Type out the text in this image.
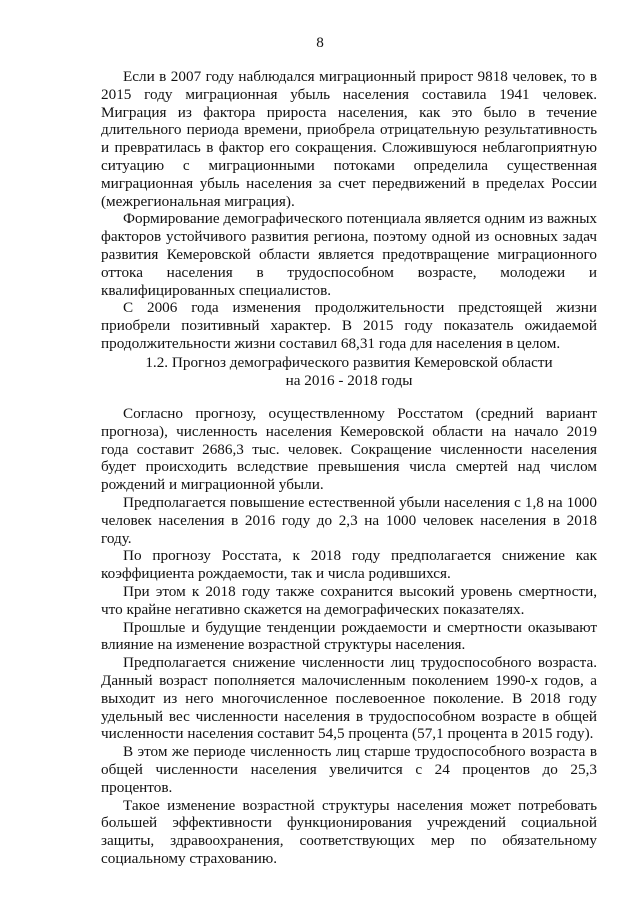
8

Если в 2007 году наблюдался миграционный прирост 9818 человек, то в 2015 году миграционная убыль населения составила 1941 человек. Миграция из фактора прироста населения, как это было в течение длительного периода времени, приобрела отрицательную результативность и превратилась в фактор его сокращения. Сложившуюся неблагоприятную ситуацию с миграционными потоками определила существенная миграционная убыль населения за счет передвижений в пределах России (межрегиональная миграция).

Формирование демографического потенциала является одним из важных факторов устойчивого развития региона, поэтому одной из основных задач развития Кемеровской области является предотвращение миграционного оттока населения в трудоспособном возрасте, молодежи и квалифицированных специалистов.

С 2006 года изменения продолжительности предстоящей жизни приобрели позитивный характер. В 2015 году показатель ожидаемой продолжительности жизни составил 68,31 года для населения в целом.

1.2. Прогноз демографического развития Кемеровской области
на 2016 - 2018 годы

Согласно прогнозу, осуществленному Росстатом (средний вариант прогноза), численность населения Кемеровской области на начало 2019 года составит 2686,3 тыс. человек. Сокращение численности населения будет происходить вследствие превышения числа смертей над числом рождений и миграционной убыли.

Предполагается повышение естественной убыли населения с 1,8 на 1000 человек населения в 2016 году до 2,3 на 1000 человек населения в 2018 году.

По прогнозу Росстата, к 2018 году предполагается снижение как коэффициента рождаемости, так и числа родившихся.

При этом к 2018 году также сохранится высокий уровень смертности, что крайне негативно скажется на демографических показателях.

Прошлые и будущие тенденции рождаемости и смертности оказывают влияние на изменение возрастной структуры населения.

Предполагается снижение численности лиц трудоспособного возраста. Данный возраст пополняется малочисленным поколением 1990-х годов, а выходит из него многочисленное послевоенное поколение. В 2018 году удельный вес численности населения в трудоспособном возрасте в общей численности населения составит 54,5 процента (57,1 процента в 2015 году).

В этом же периоде численность лиц старше трудоспособного возраста в общей численности населения увеличится с 24 процентов до 25,3 процентов.

Такое изменение возрастной структуры населения может потребовать большей эффективности функционирования учреждений социальной защиты, здравоохранения, соответствующих мер по обязательному социальному страхованию.
